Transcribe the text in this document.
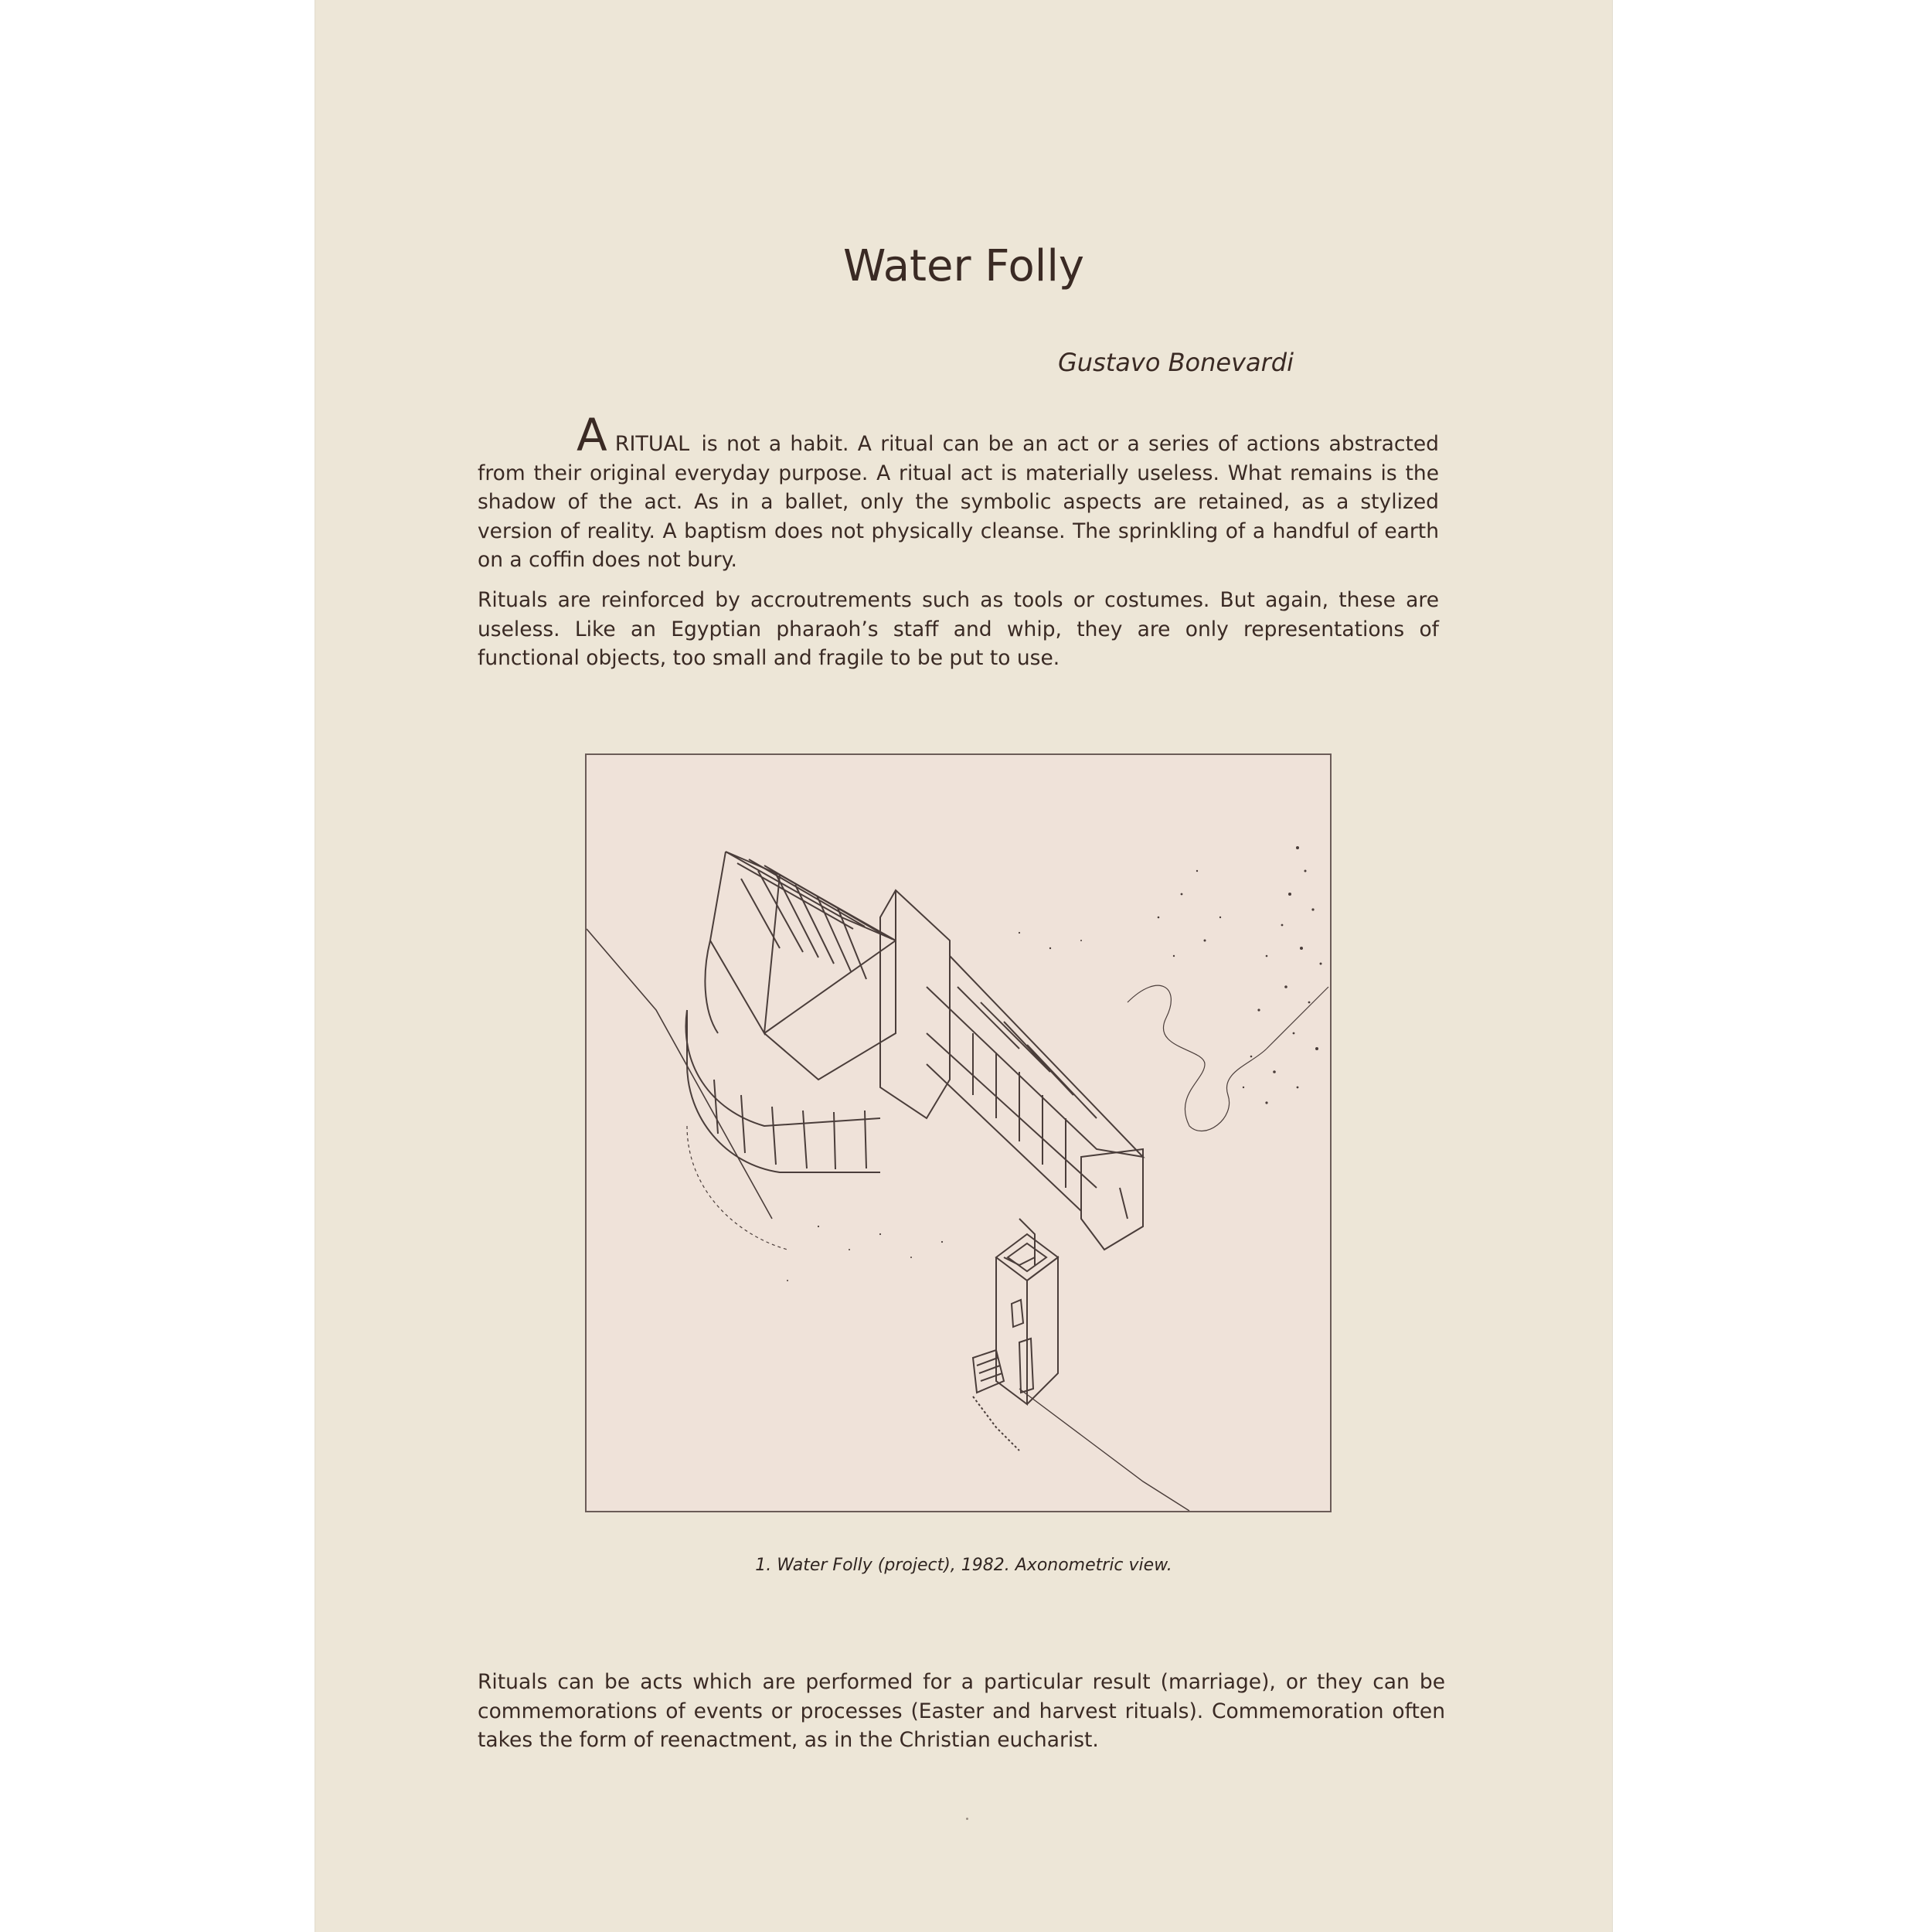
Water Folly
Gustavo Bonevardi

ARITUAL is not a habit. A ritual can be an act or a series of actions abstracted from their original everyday purpose. A ritual act is materially useless. What remains is the shadow of the act. As in a ballet, only the symbolic aspects are retained, as a stylized version of reality. A baptism does not physically cleanse. The sprinkling of a handful of earth on a coffin does not bury.

Rituals are reinforced by accroutrements such as tools or costumes. But again, these are useless. Like an Egyptian pharaoh’s staff and whip, they are only representations of functional objects, too small and fragile to be put to use.

1. Water Folly (project), 1982. Axonometric view.

Rituals can be acts which are performed for a particular result (marriage), or they can be commemorations of events or processes (Easter and harvest rituals). Commemoration often takes the form of reenactment, as in the Christian eucharist.
